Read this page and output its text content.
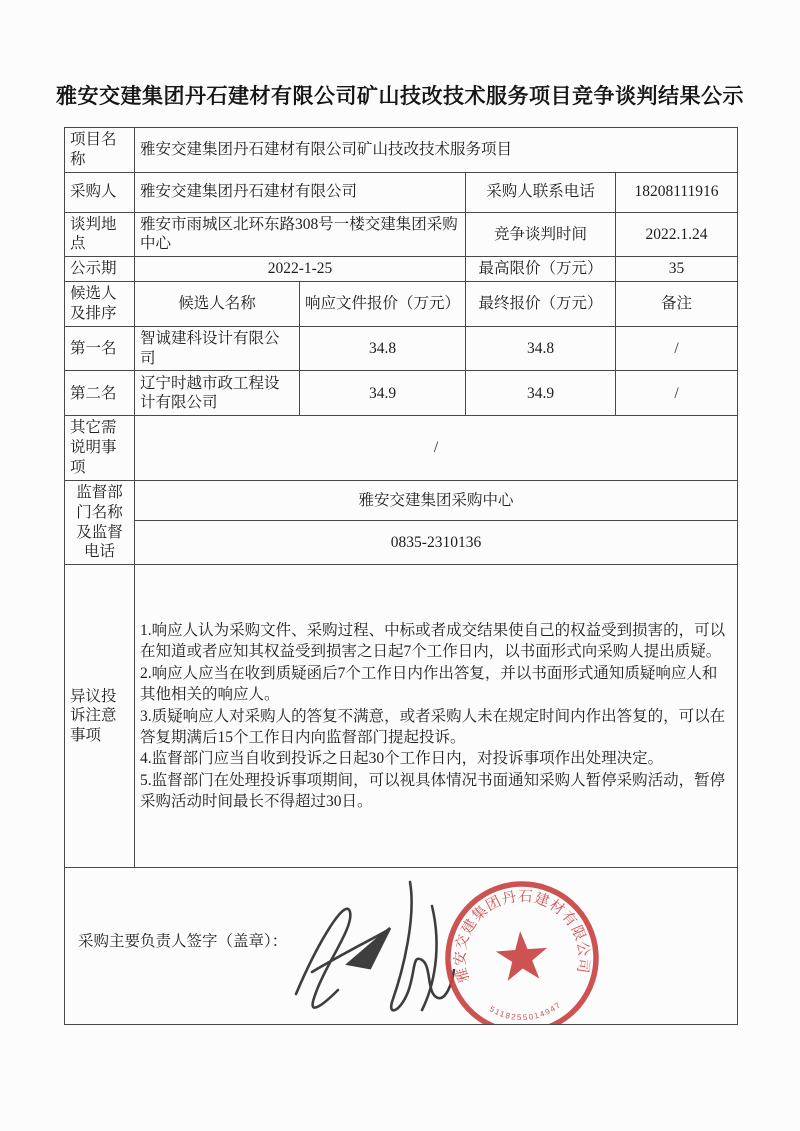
雅安交建集团丹石建材有限公司矿山技改技术服务项目竞争谈判结果公示
项目名称	雅安交建集团丹石建材有限公司矿山技改技术服务项目			
采购人	雅安交建集团丹石建材有限公司		采购人联系电话	18208111916
谈判地点	雅安市雨城区北环东路308号一楼交建集团采购中心		竞争谈判时间	2022.1.24
公示期	2022-1-25		最高限价（万元）	35
候选人及排序	候选人名称	响应文件报价（万元）	最终报价（万元）	备注
第一名	智诚建科设计有限公司	34.8	34.8	/
第二名	辽宁时越市政工程设计有限公司	34.9	34.9	/
其它需说明事项	/			
监督部门名称及监督电话	雅安交建集团采购中心			
	0835-2310136			
异议投诉注意事项	1.响应人认为采购文件、采购过程、中标或者成交结果使自己的权益受到损害的，可以在知道或者应知其权益受到损害之日起7个工作日内，以书面形式向采购人提出质疑。
2.响应人应当在收到质疑函后7个工作日内作出答复，并以书面形式通知质疑响应人和其他相关的响应人。
3.质疑响应人对采购人的答复不满意，或者采购人未在规定时间内作出答复的，可以在答复期满后15个工作日内向监督部门提起投诉。
4.监督部门应当自收到投诉之日起30个工作日内，对投诉事项作出处理决定。
5.监督部门在处理投诉事项期间，可以视具体情况书面通知采购人暂停采购活动，暂停采购活动时间最长不得超过30日。			

采购主要负责人签字（盖章）：
雅安交建集团丹石建材有限公司
5118255014947				
